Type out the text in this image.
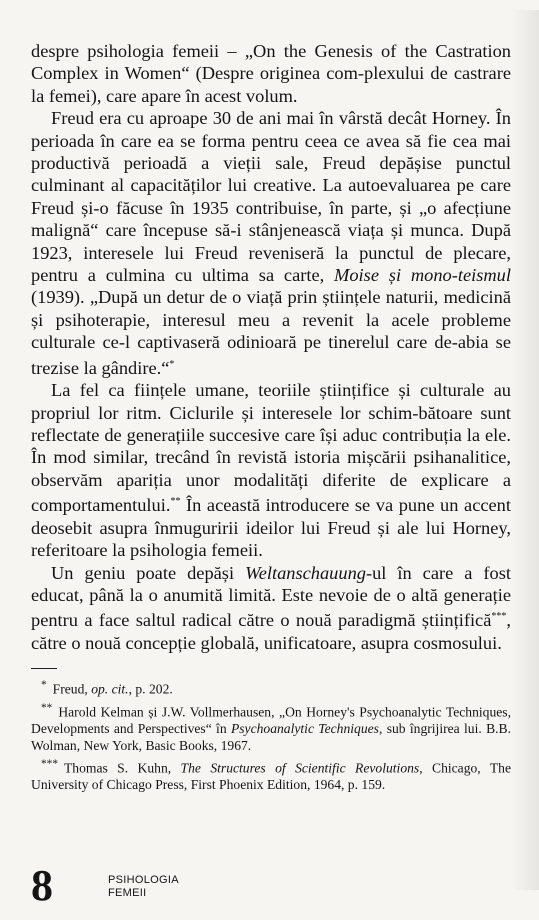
despre psihologia femeii – „On the Genesis of the Castration Complex in Women“ (Despre originea com-plexului de castrare la femei), care apare în acest volum.

Freud era cu aproape 30 de ani mai în vârstă decât Horney. În perioada în care ea se forma pentru ceea ce avea să fie cea mai productivă perioadă a vieții sale, Freud depășise punctul culminant al capacităților lui creative. La autoevaluarea pe care Freud și-o făcuse în 1935 contribuise, în parte, și „o afecțiune malignă“ care începuse să-i stânjenească viața și munca. După 1923, interesele lui Freud reveniseră la punctul de plecare, pentru a culmina cu ultima sa carte, Moise și mono-teismul (1939). „După un detur de o viață prin științele naturii, medicină și psihoterapie, interesul meu a revenit la acele probleme culturale ce-l captivaseră odinioară pe tinerelul care de-abia se trezise la gândire.“*

La fel ca ființele umane, teoriile științifice și culturale au propriul lor ritm. Ciclurile și interesele lor schim-bătoare sunt reflectate de generațiile succesive care își aduc contribuția la ele. În mod similar, trecând în revistă istoria mișcării psihanalitice, observăm apariția unor modalități diferite de explicare a comportamentului.** În această introducere se va pune un accent deosebit asupra înmuguririi ideilor lui Freud și ale lui Horney, referitoare la psihologia femeii.

Un geniu poate depăși Weltanschauung-ul în care a fost educat, până la o anumită limită. Este nevoie de o altă generație pentru a face saltul radical către o nouă paradigmă științifică***, către o nouă concepție globală, unificatoare, asupra cosmosului.

* Freud, op. cit., p. 202.

** Harold Kelman și J.W. Vollmerhausen, „On Horney's Psychoanalytic Techniques, Developments and Perspectives“ în Psychoanalytic Techniques, sub îngrijirea lui. B.B. Wolman, New York, Basic Books, 1967.

*** Thomas S. Kuhn, The Structures of Scientific Revolutions, Chicago, The University of Chicago Press, First Phoenix Edition, 1964, p. 159.

8	PSIHOLOGIA
FEMEII
